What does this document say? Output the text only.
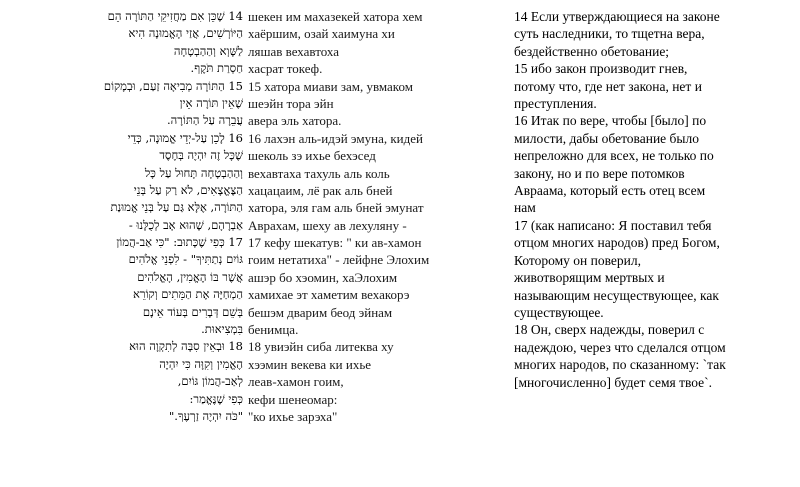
14 שֶׁכֵּן אִם מַחֲזִיקֵי הַתּוֹרָה הֵם
הַיּוֹרְשִׁים, אֲזַי הָאֱמוּנָה הִיא
לַשָּׁוְא וְהַהַבְטָחָה
חַסְרַת תֹּקֶף.
15 הַתּוֹרָה מְבִיאָה זַעַם, וּבְמָקוֹם
שֶׁאֵין תּוֹרָה אֵין
עֲבֵרָה עַל הַתּוֹרָה.
16 לָכֵן עַל-יְדֵי אֱמוּנָה, כְּדֵי
שֶׁכָּל זֶה יִהְיֶה בְּחֶסֶד
וְהַהַבְטָחָה תָּחוּל עַל כָּל
הַצֶּאֱצָאִים, לֹא רַק עַל בְּנֵי
הַתּוֹרָה, אֶלָּא גַּם עַל בְּנֵי אֱמוּנַת
אַבְרָהָם, שֶׁהוּא אָב לְכֻלָּנוּ -
17 כְּפִי שֶׁכָּתוּב: "כִּי אַב-הֲמוֹן
גּוֹיִם נְתַתִּיךָ" - לִפְנֵי אֱלֹהִים
אֲשֶׁר בּוֹ הֶאֱמִין, הָאֱלֹהִים
הַמְחַיֶּה אֶת הַמֵּתִים וְקוֹרֵא
בְּשֵׁם דְּבָרִים בְּעוֹד אֵינָם
בִּמְצִיאוּת.
18 וּבְאֵין סִבָּה לְתִקְוָה הוּא
הֶאֱמִין וְקִוָּה כִּי יִהְיֶה
לְאַב-הֲמוֹן גּוֹיִם,
כְּפִי שֶׁנֶּאֱמַר:
"כֹּה יִהְיֶה זַרְעֶךָ."
шекен им махазекей хатора хем
хаёршим, озай хаимуна хи
ляшав вехавтоха
хасрат токеф.
15 хатора миави зам, увмаком
шеэйн тора эйн
авера эль хатора.
16 лахэн аль-идэй эмуна, кидей
шеколь зэ ихье бехэсед
вехавтаха тахуль аль коль
хацацаим, лё рак аль бней
хатора, эля гам аль бней эмунат
Аврахам, шеху ав лехуляну -
17 кефу шекатув: " ки ав-хамон
гоим нетатиха" - лейфне Элохим
ашэр бо хэомин, хаЭлохим
хамихае эт хаметим вехакорэ
бешэм дварим беод эйнам
бенимцa.
18 увиэйн сиба литеква ху
хээмин векева ки ихье
леав-хамон гоим,
кефи шенеомар:
"ко ихье зарэха"
14 Если утверждающиеся на законе суть наследники, то тщетна вера, бездейственно обетование;
15 ибо закон производит гнев, потому что, где нет закона, нет и преступления.
16 Итак по вере, чтобы [было] по милости, дабы обетование было непреложно для всех, не только по закону, но и по вере потомков Авраама, который есть отец всем нам
17 (как написано: Я поставил тебя отцом многих народов) пред Богом, Которому он поверил, животворящим мертвых и называющим несуществующее, как существующее.
18 Он, сверх надежды, поверил с надеждою, через что сделался отцом многих народов, по сказанному: `так [многочисленно] будет семя твое`.
